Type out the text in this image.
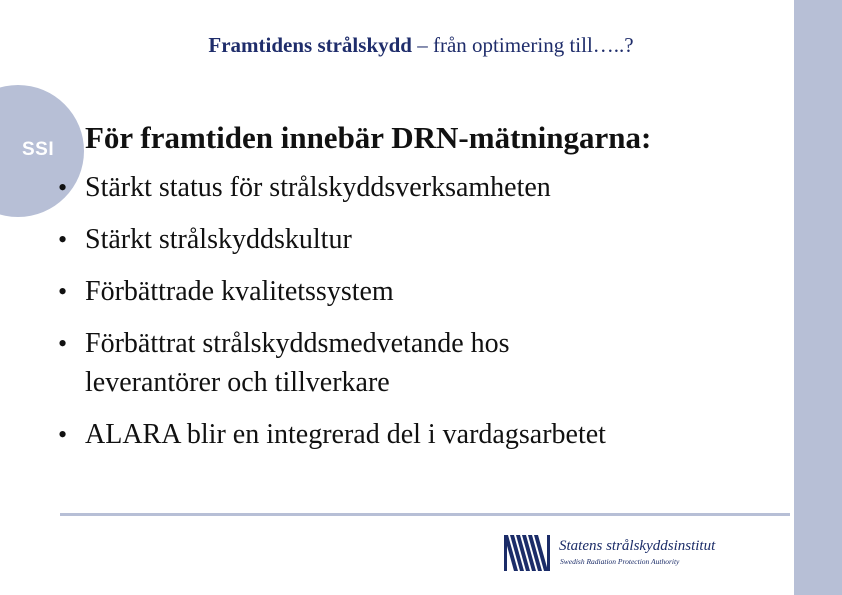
SSI
Framtidens strålskydd – från optimering till…..?
För framtiden innebär DRN-mätningarna:
• Stärkt status för strålskyddsverksamheten
• Stärkt strålskyddskultur
• Förbättrade kvalitetssystem
• Förbättrat strålskyddsmedvetande hos leverantörer och tillverkare
• ALARA blir en integrerad del i vardagsarbetet
Statens strålskyddsinstitut
Swedish Radiation Protection Authority
